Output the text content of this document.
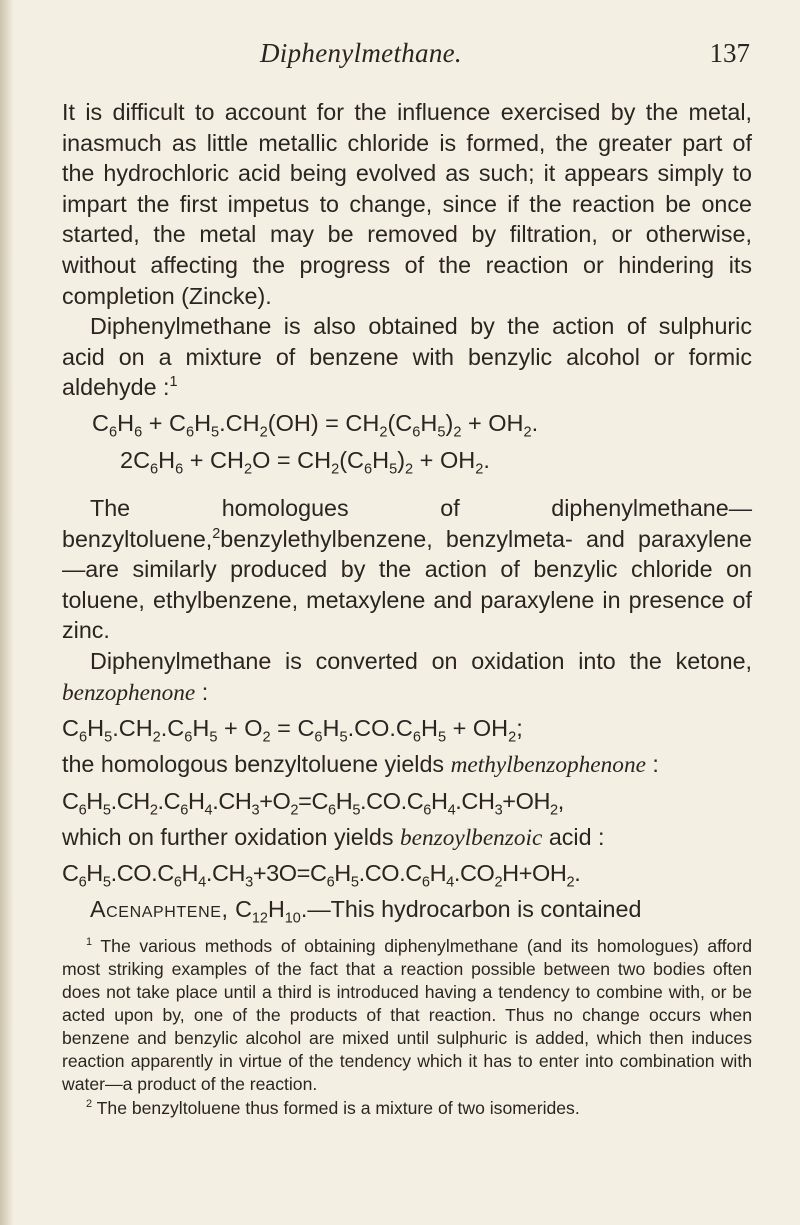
Diphenylmethane.	137

It is difficult to account for the influence exercised by the metal, inasmuch as little metallic chloride is formed, the greater part of the hydrochloric acid being evolved as such; it appears simply to impart the first impetus to change, since if the reaction be once started, the metal may be removed by filtration, or otherwise, without affecting the progress of the reaction or hindering its completion (Zincke).

Diphenylmethane is also obtained by the action of sulphuric acid on a mixture of benzene with benzylic alcohol or formic aldehyde :$^1$

$C_6H_6 + C_6H_5.CH_2(OH) = CH_2(C_6H_5)_2 + OH_2$.
$2C_6H_6 + CH_2O = CH_2(C_6H_5)_2 + OH_2$.

The homologues of diphenylmethane—benzyltoluene,$^2$benzylethylbenzene, benzylmeta- and paraxylene—are similarly produced by the action of benzylic chloride on toluene, ethylbenzene, metaxylene and paraxylene in presence of zinc.

Diphenylmethane is converted on oxidation into the ketone, benzophenone :

$C_6H_5.CH_2.C_6H_5 + O_2 = C_6H_5.CO.C_6H_5 + OH_2$;

the homologous benzyltoluene yields methylbenzophenone :

$C_6H_5.CH_2.C_6H_4.CH_3+O_2=C_6H_5.CO.C_6H_4.CH_3+OH_2$,

which on further oxidation yields benzoylbenzoic acid :

$C_6H_5.CO.C_6H_4.CH_3+3O=C_6H_5.CO.C_6H_4.CO_2H+OH_2$.

Acenaphtene, $C_{12}H_{10}.—This$ hydrocarbon is contained

$^1$ The various methods of obtaining diphenylmethane (and its homologues) afford most striking examples of the fact that a reaction possible between two bodies often does not take place until a third is introduced having a tendency to combine with, or be acted upon by, one of the products of that reaction. Thus no change occurs when benzene and benzylic alcohol are mixed until sulphuric is added, which then induces reaction apparently in virtue of the tendency which it has to enter into combination with water—a product of the reaction.

$^2$ The benzyltoluene thus formed is a mixture of two isomerides.
